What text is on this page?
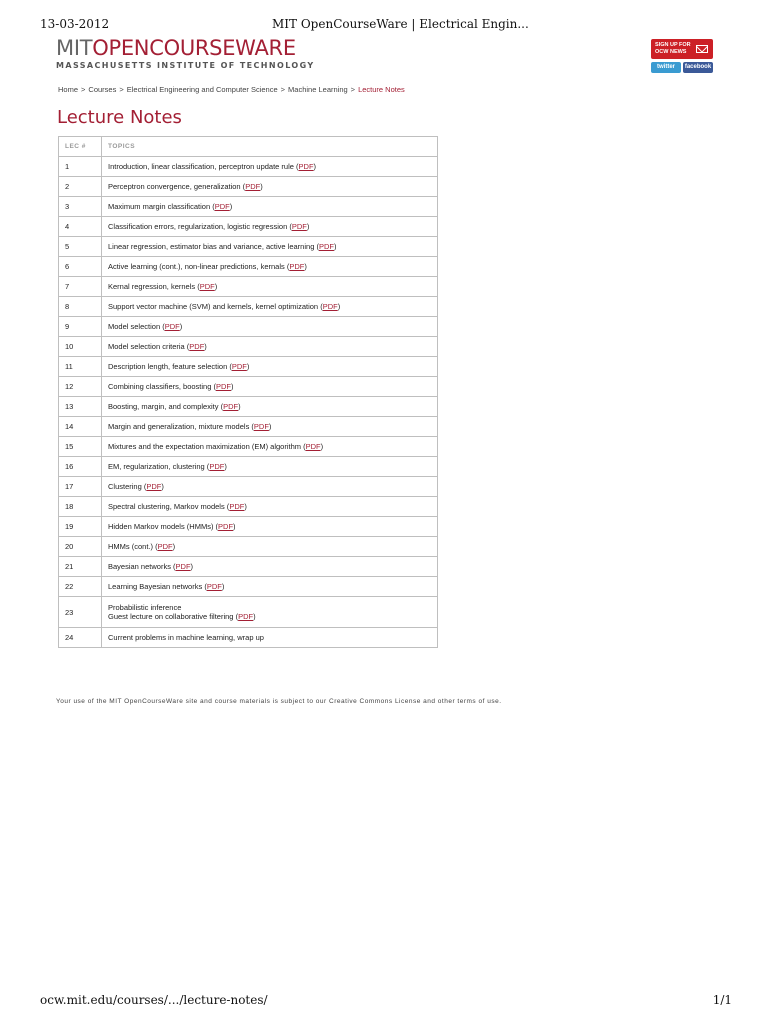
13-03-2012	MIT OpenCourseWare | Electrical Engin...
MITOPENCOURSEWARE
MASSACHUSETTS INSTITUTE OF TECHNOLOGY
SIGN UP FOR OCW NEWS
twitter	facebook
Home > Courses > Electrical Engineering and Computer Science > Machine Learning > Lecture Notes
Lecture Notes
LEC #	TOPICS
1	Introduction, linear classification, perceptron update rule (PDF)
2	Perceptron convergence, generalization (PDF)
3	Maximum margin classification (PDF)
4	Classification errors, regularization, logistic regression (PDF)
5	Linear regression, estimator bias and variance, active learning (PDF)
6	Active learning (cont.), non-linear predictions, kernals (PDF)
7	Kernal regression, kernels (PDF)
8	Support vector machine (SVM) and kernels, kernel optimization (PDF)
9	Model selection (PDF)
10	Model selection criteria (PDF)
11	Description length, feature selection (PDF)
12	Combining classifiers, boosting (PDF)
13	Boosting, margin, and complexity (PDF)
14	Margin and generalization, mixture models (PDF)
15	Mixtures and the expectation maximization (EM) algorithm (PDF)
16	EM, regularization, clustering (PDF)
17	Clustering (PDF)
18	Spectral clustering, Markov models (PDF)
19	Hidden Markov models (HMMs) (PDF)
20	HMMs (cont.) (PDF)
21	Bayesian networks (PDF)
22	Learning Bayesian networks (PDF)
23	Probabilistic inference
Guest lecture on collaborative filtering (PDF)
24	Current problems in machine learning, wrap up
Your use of the MIT OpenCourseWare site and course materials is subject to our Creative Commons License and other terms of use.
ocw.mit.edu/courses/.../lecture-notes/	1/1
